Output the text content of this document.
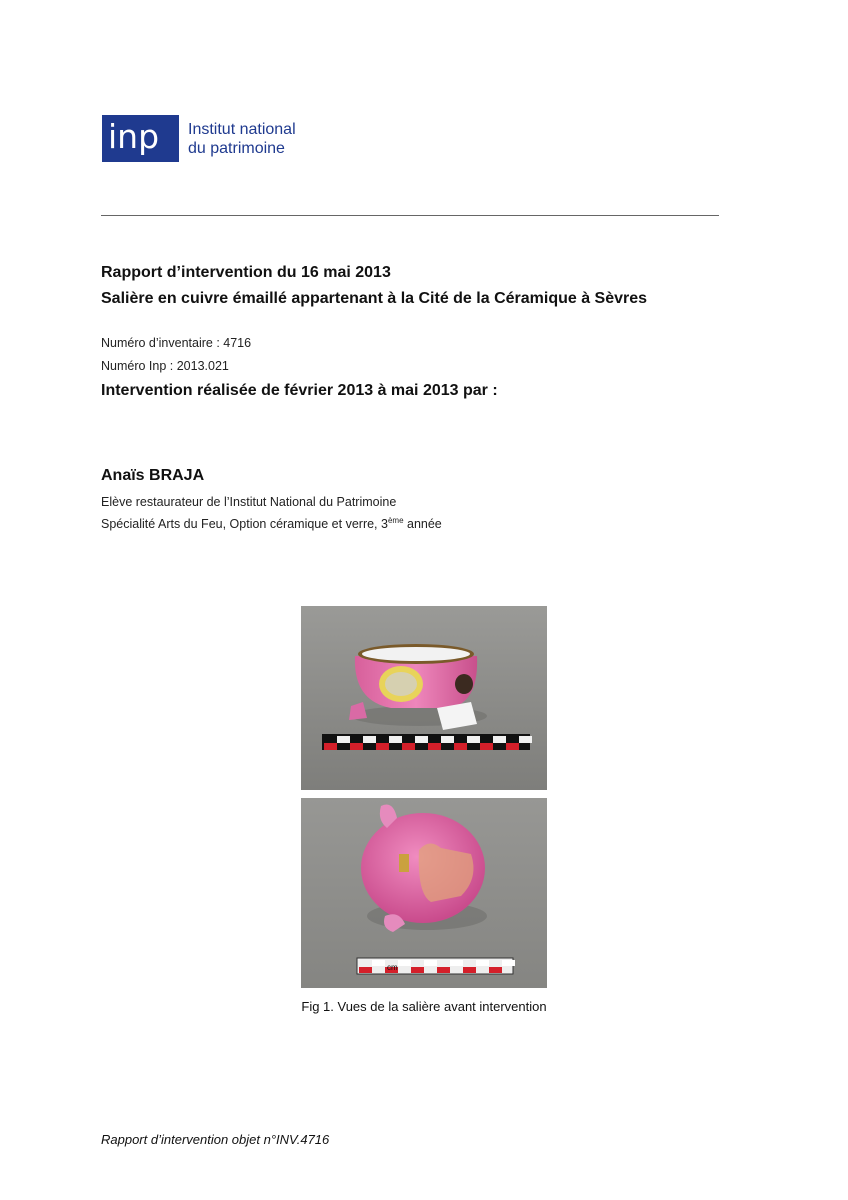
inp	Institut national
du patrimoine
Rapport d’intervention du 16 mai 2013
Salière en cuivre émaillé appartenant à la Cité de la Céramique à Sèvres
Numéro d’inventaire : 4716
Numéro Inp : 2013.021
Intervention réalisée de février 2013 à mai 2013 par :
Anaïs BRAJA
Elève restaurateur de l’Institut National du Patrimoine
Spécialité Arts du Feu, Option céramique et verre, 3ème année
cm
Fig 1. Vues de la salière avant intervention
Rapport d’intervention objet n°INV.4716
